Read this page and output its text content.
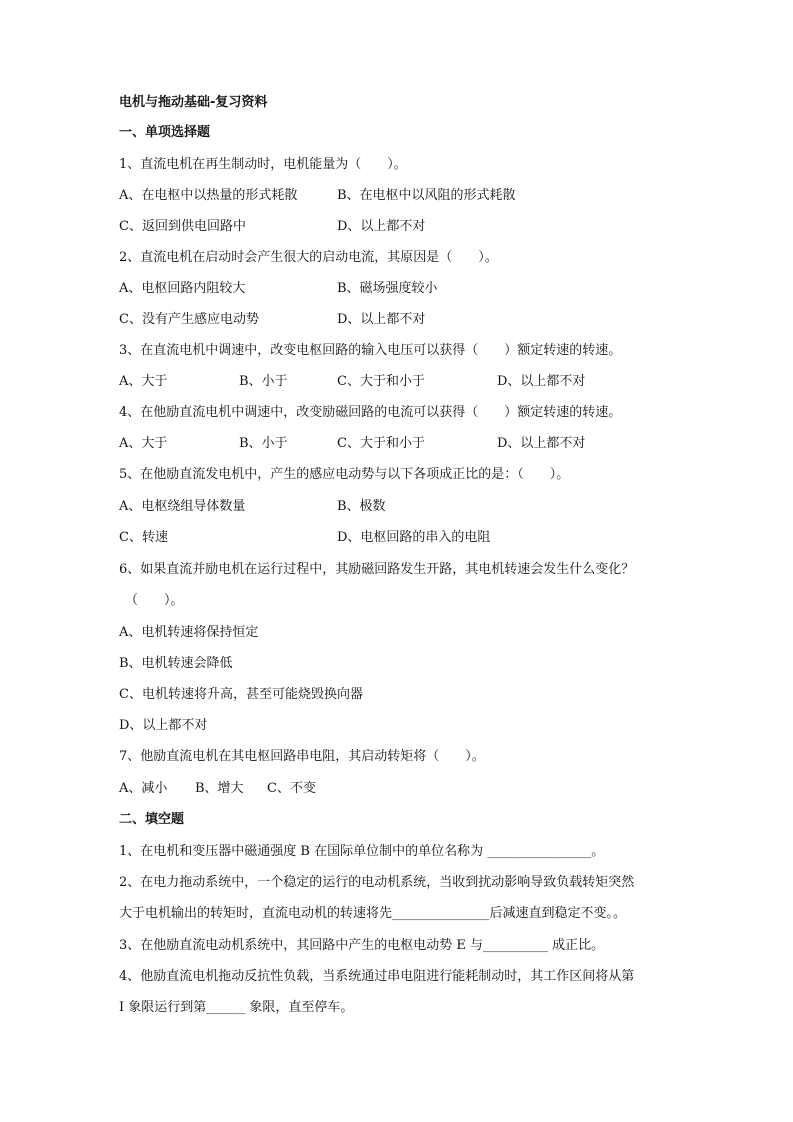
电机与拖动基础-复习资料
一、单项选择题
1、直流电机在再生制动时，电机能量为（　　）。
A、在电枢中以热量的形式耗散	B、在电枢中以风阻的形式耗散
C、返回到供电回路中	D、以上都不对
2、直流电机在启动时会产生很大的启动电流，其原因是（　　）。
A、电枢回路内阻较大	B、磁场强度较小
C、没有产生感应电动势	D、以上都不对
3、在直流电机中调速中，改变电枢回路的输入电压可以获得（　　）额定转速的转速。
A、大于	B、小于	C、大于和小于	D、以上都不对
4、在他励直流电机中调速中，改变励磁回路的电流可以获得（　　）额定转速的转速。
A、大于	B、小于	C、大于和小于	D、以上都不对
5、在他励直流发电机中，产生的感应电动势与以下各项成正比的是：（　　）。
A、电枢绕组导体数量	B、极数
C、转速	D、电枢回路的串入的电阻
6、如果直流并励电机在运行过程中，其励磁回路发生开路，其电机转速会发生什么变化？
（　　）。
A、电机转速将保持恒定
B、电机转速会降低
C、电机转速将升高，甚至可能烧毁换向器
D、以上都不对
7、他励直流电机在其电枢回路串电阻，其启动转矩将（　　）。
A、减小 B、增大 C、不变
二、填空题
1、在电机和变压器中磁通强度 B 在国际单位制中的单位名称为 ________________。
2、在电力拖动系统中，一个稳定的运行的电动机系统，当收到扰动影响导致负载转矩突然
大于电机输出的转矩时，直流电动机的转速将先_______________后减速直到稳定不变。。
3、在他励直流电动机系统中，其回路中产生的电枢电动势 E 与__________ 成正比。
4、他励直流电机拖动反抗性负载，当系统通过串电阻进行能耗制动时，其工作区间将从第
I 象限运行到第______ 象限，直至停车。
